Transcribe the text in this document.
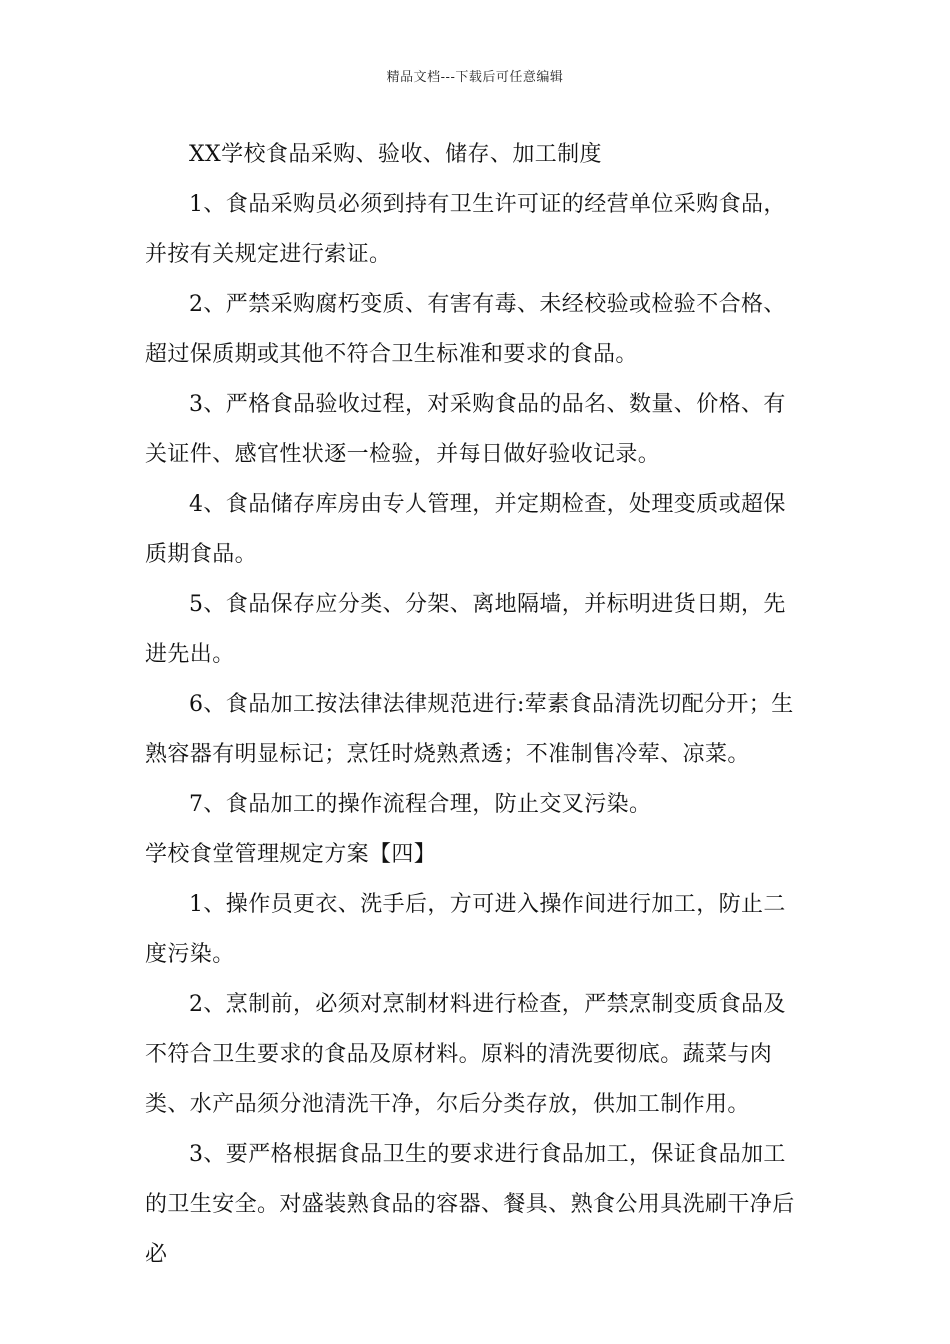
精品文档---下载后可任意编辑

XX学校食品采购、验收、储存、加工制度

1、食品采购员必须到持有卫生许可证的经营单位采购食品，并按有关规定进行索证。

2、严禁采购腐朽变质、有害有毒、未经校验或检验不合格、超过保质期或其他不符合卫生标准和要求的食品。

3、严格食品验收过程，对采购食品的品名、数量、价格、有关证件、感官性状逐一检验，并每日做好验收记录。

4、食品储存库房由专人管理，并定期检查，处理变质或超保质期食品。

5、食品保存应分类、分架、离地隔墙，并标明进货日期，先进先出。

6、食品加工按法律法律规范进行:荤素食品清洗切配分开；生熟容器有明显标记；烹饪时烧熟煮透；不准制售冷荤、凉菜。

7、食品加工的操作流程合理，防止交叉污染。

学校食堂管理规定方案【四】

1、操作员更衣、洗手后，方可进入操作间进行加工，防止二度污染。

2、烹制前，必须对烹制材料进行检查，严禁烹制变质食品及不符合卫生要求的食品及原材料。原料的清洗要彻底。蔬菜与肉类、水产品须分池清洗干净，尔后分类存放，供加工制作用。

3、要严格根据食品卫生的要求进行食品加工，保证食品加工的卫生安全。对盛装熟食品的容器、餐具、熟食公用具洗刷干净后必
